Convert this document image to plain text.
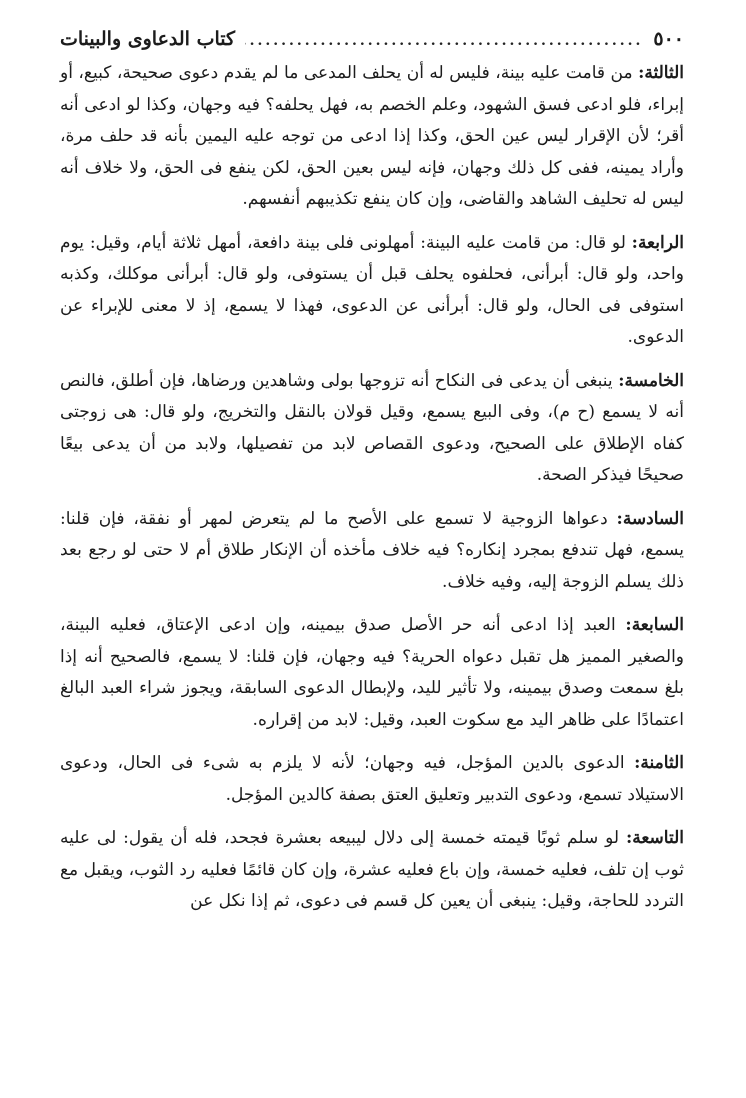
٥٠٠
.....
كتاب الدعاوى والبينات

الثالثة: من قامت عليه بينة، فليس له أن يحلف المدعى ما لم يقدم دعوى صحيحة، كبيع، أو إبراء، فلو ادعى فسق الشهود، وعلم الخصم به، فهل يحلفه؟ فيه وجهان، وكذا لو ادعى أنه أقر؛ لأن الإقرار ليس عين الحق، وكذا إذا ادعى من توجه عليه اليمين بأنه قد حلف مرة، وأراد يمينه، ففى كل ذلك وجهان، فإنه ليس بعين الحق، لكن ينفع فى الحق، ولا خلاف أنه ليس له تحليف الشاهد والقاضى، وإن كان ينفع تكذيبهم أنفسهم.

الرابعة: لو قال: من قامت عليه البينة: أمهلونى فلى بينة دافعة، أمهل ثلاثة أيام، وقيل: يوم واحد، ولو قال: أبرأنى، فحلفوه يحلف قبل أن يستوفى، ولو قال: أبرأنى موكلك، وكذبه استوفى فى الحال، ولو قال: أبرأنى عن الدعوى، فهذا لا يسمع، إذ لا معنى للإبراء عن الدعوى.

الخامسة: ينبغى أن يدعى فى النكاح أنه تزوجها بولى وشاهدين ورضاها، فإن أطلق، فالنص أنه لا يسمع (ح م)، وفى البيع يسمع، وقيل قولان بالنقل والتخريج، ولو قال: هى زوجتى كفاه الإطلاق على الصحيح، ودعوى القصاص لابد من تفصيلها، ولابد من أن يدعى بيعًا صحيحًا فيذكر الصحة.

السادسة: دعواها الزوجية لا تسمع على الأصح ما لم يتعرض لمهر أو نفقة، فإن قلنا: يسمع، فهل تندفع بمجرد إنكاره؟ فيه خلاف مأخذه أن الإنكار طلاق أم لا حتى لو رجع بعد ذلك يسلم الزوجة إليه، وفيه خلاف.

السابعة: العبد إذا ادعى أنه حر الأصل صدق بيمينه، وإن ادعى الإعتاق، فعليه البينة، والصغير المميز هل تقبل دعواه الحرية؟ فيه وجهان، فإن قلنا: لا يسمع، فالصحيح أنه إذا بلغ سمعت وصدق بيمينه، ولا تأثير لليد، ولإبطال الدعوى السابقة، ويجوز شراء العبد البالغ اعتمادًا على ظاهر اليد مع سكوت العبد، وقيل: لابد من إقراره.

الثامنة: الدعوى بالدين المؤجل، فيه وجهان؛ لأنه لا يلزم به شىء فى الحال، ودعوى الاستيلاد تسمع، ودعوى التدبير وتعليق العتق بصفة كالدين المؤجل.

التاسعة: لو سلم ثوبًا قيمته خمسة إلى دلال ليبيعه بعشرة فجحد، فله أن يقول: لى عليه ثوب إن تلف، فعليه خمسة، وإن باع فعليه عشرة، وإن كان قائمًا فعليه رد الثوب، ويقبل مع التردد للحاجة، وقيل: ينبغى أن يعين كل قسم فى دعوى، ثم إذا نكل عن
